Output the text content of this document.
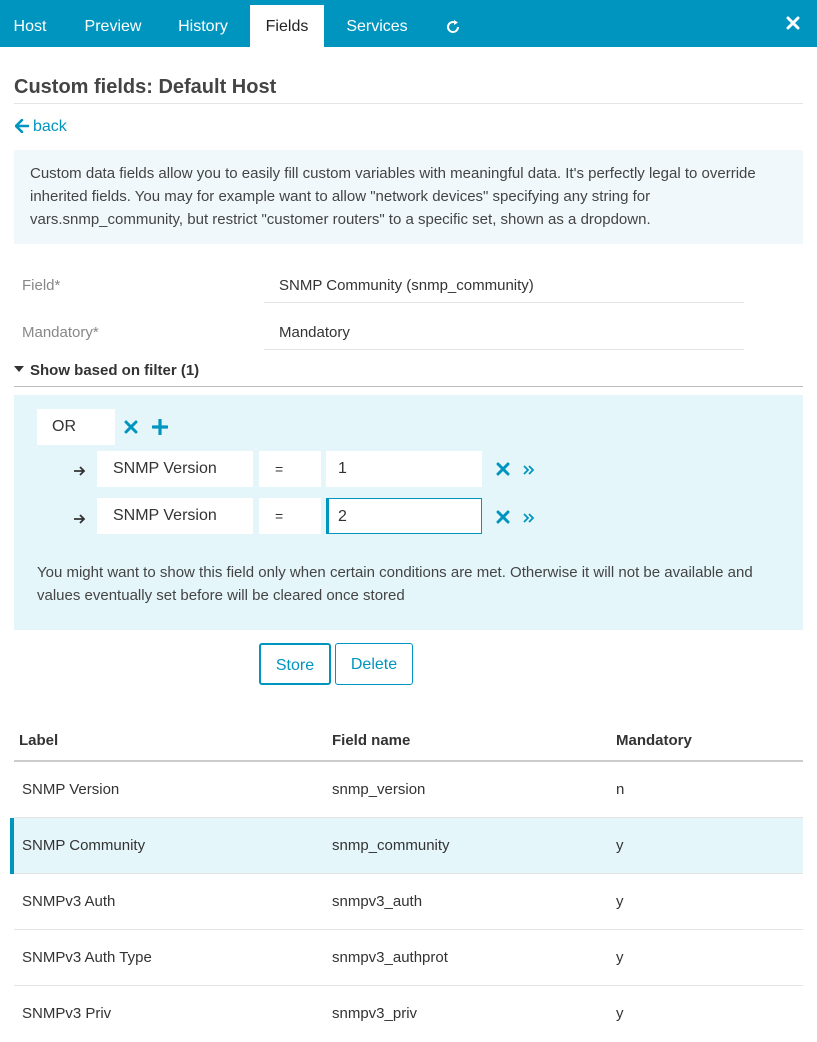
Host	Preview	History	Fields	Services
Custom fields: Default Host
back
Custom data fields allow you to easily fill custom variables with meaningful data. It's perfectly legal to override inherited fields. You may for example want to allow "network devices" specifying any string for vars.snmp_community, but restrict "customer routers" to a specific set, shown as a dropdown.
Field*	SNMP Community (snmp_community)
Mandatory*	Mandatory
Show based on filter (1)
OR
SNMP Version	=	1
SNMP Version	=	2
You might want to show this field only when certain conditions are met. Otherwise it will not be available and values eventually set before will be cleared once stored
Store	Delete
Label	Field name	Mandatory
SNMP Version	snmp_version	n
SNMP Community	snmp_community	y
SNMPv3 Auth	snmpv3_auth	y
SNMPv3 Auth Type	snmpv3_authprot	y
SNMPv3 Priv	snmpv3_priv	y
